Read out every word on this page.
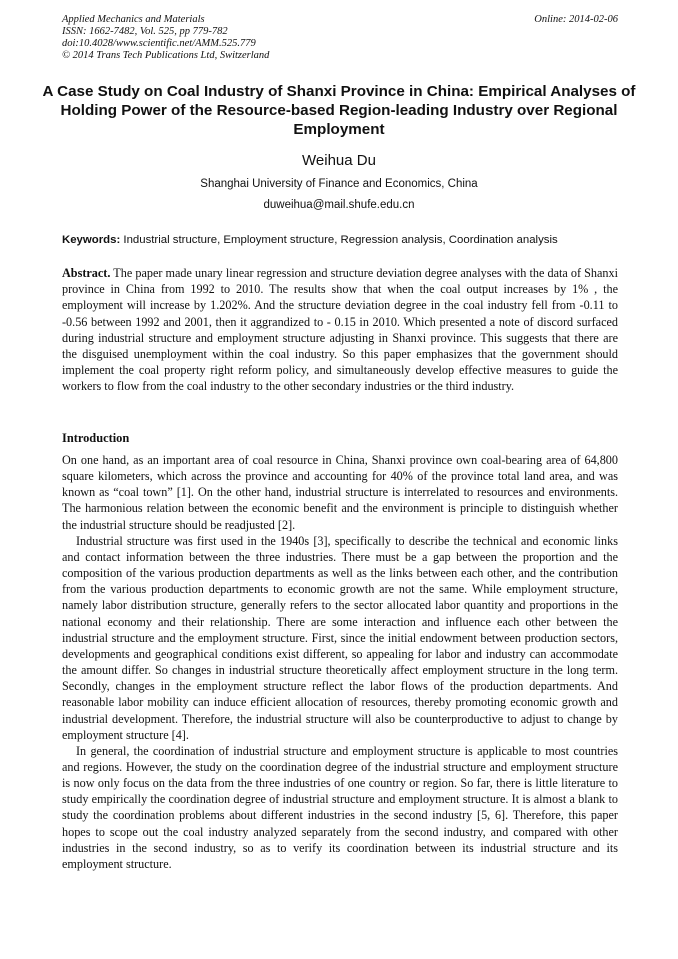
Applied Mechanics and Materials
ISSN: 1662-7482, Vol. 525, pp 779-782
doi:10.4028/www.scientific.net/AMM.525.779
© 2014 Trans Tech Publications Ltd, Switzerland
Online: 2014-02-06
A Case Study on Coal Industry of Shanxi Province in China: Empirical Analyses of Holding Power of the Resource-based Region-leading Industry over Regional Employment
Weihua Du
Shanghai University of Finance and Economics, China
duweihua@mail.shufe.edu.cn
Keywords: Industrial structure, Employment structure, Regression analysis, Coordination analysis
Abstract. The paper made unary linear regression and structure deviation degree analyses with the data of Shanxi province in China from 1992 to 2010. The results show that when the coal output increases by 1% , the employment will increase by 1.202%. And the structure deviation degree in the coal industry fell from -0.11 to -0.56 between 1992 and 2001, then it aggrandized to - 0.15 in 2010. Which presented a note of discord surfaced during industrial structure and employment structure adjusting in Shanxi province. This suggests that there are the disguised unemployment within the coal industry. So this paper emphasizes that the government should implement the coal property right reform policy, and simultaneously develop effective measures to guide the workers to flow from the coal industry to the other secondary industries or the third industry.
Introduction

On one hand, as an important area of coal resource in China, Shanxi province own coal-bearing area of 64,800 square kilometers, which across the province and accounting for 40% of the province total land area, and was known as “coal town” [1]. On the other hand, industrial structure is interrelated to resources and environments. The harmonious relation between the economic benefit and the environment is principle to distinguish whether the industrial structure should be readjusted [2].

Industrial structure was first used in the 1940s [3], specifically to describe the technical and economic links and contact information between the three industries. There must be a gap between the proportion and the composition of the various production departments as well as the links between each other, and the contribution from the various production departments to economic growth are not the same. While employment structure, namely labor distribution structure, generally refers to the sector allocated labor quantity and proportions in the national economy and their relationship. There are some interaction and influence each other between the industrial structure and the employment structure. First, since the initial endowment between production sectors, developments and geographical conditions exist different, so appealing for labor and industry can accommodate the amount differ. So changes in industrial structure theoretically affect employment structure in the long term. Secondly, changes in the employment structure reflect the labor flows of the production departments. And reasonable labor mobility can induce efficient allocation of resources, thereby promoting economic growth and industrial development. Therefore, the industrial structure will also be counterproductive to adjust to change by employment structure [4].

In general, the coordination of industrial structure and employment structure is applicable to most countries and regions. However, the study on the coordination degree of the industrial structure and employment structure is now only focus on the data from the three industries of one country or region. So far, there is little literature to study empirically the coordination degree of industrial structure and employment structure. It is almost a blank to study the coordination problems about different industries in the second industry [5, 6]. Therefore, this paper hopes to scope out the coal industry analyzed separately from the second industry, and compared with other industries in the second industry, so as to verify its coordination between its industrial structure and its employment structure.
